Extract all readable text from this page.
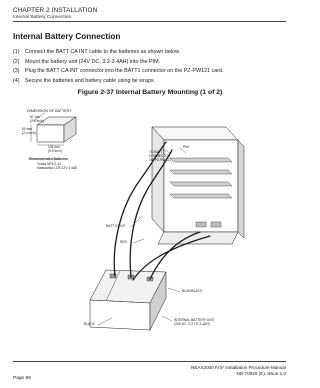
CHAPTER 2 INSTALLATION
Internal Battery Connection
Internal Battery Connection
(1)	Connect the BATT CA INT cable to the batteries as shown below.
(2)	Mount the battery unit (24V DC, 3.2-3.4AH) into the PIM.
(3)	Plug the BATT CA INT connector into the BATT1 connector on the PZ-PW121 card.
(4)	Secure the batteries and battery cable using tie wraps.
Figure 2-37 Internal Battery Mounting (1 of 2)
DIMENSION OF BATTERY
67 mm
(2.6 inch)
60 mm
(2.4 inch)
134 mm
(5.3 inch)
Recommended Batteries
Yuasa NP4.0-12
Matsushita LCR-12V 3.4AE
PIM
TO BATT1
CONNECTOR
ON PZ-PW121
BATT CA INT
RED
BLUE/BLACK
BLACK
INTERNAL BATTERY UNIT
(24V DC, 3.2 TO 3.4AH)
Page 96
NEAX2000 IVS² Installation Procedure Manual
ND-70928 (E), Issue 1.0
